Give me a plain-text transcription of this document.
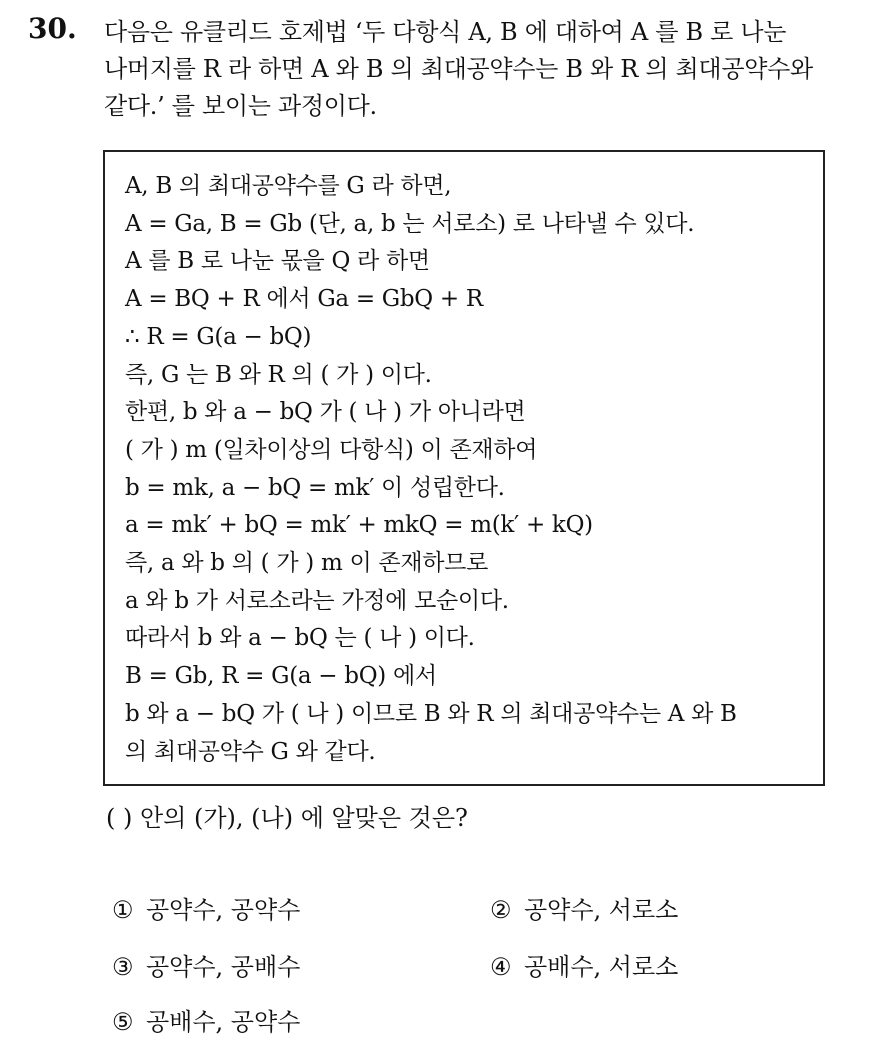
30. 다음은 유클리드 호제법 ‘두 다항식 A, B 에 대하여 A 를 B 로 나눈
나머지를 R 라 하면 A 와 B 의 최대공약수는 B 와 R 의 최대공약수와
같다.’ 를 보이는 과정이다.
A, B 의 최대공약수를 G 라 하면,
A = Ga, B = Gb (단, a, b 는 서로소) 로 나타낼 수 있다.
A 를 B 로 나눈 몫을 Q 라 하면
A = BQ + R 에서 Ga = GbQ + R
∴ R = G(a − bQ)
즉, G 는 B 와 R 의 ( 가 ) 이다.
한편, b 와 a − bQ 가 ( 나 ) 가 아니라면
( 가 ) m (일차이상의 다항식) 이 존재하여
b = mk, a − bQ = mk′ 이 성립한다.
a = mk′ + bQ = mk′ + mkQ = m(k′ + kQ)
즉, a 와 b 의 ( 가 ) m 이 존재하므로
a 와 b 가 서로소라는 가정에 모순이다.
따라서 b 와 a − bQ 는 ( 나 ) 이다.
B = Gb, R = G(a − bQ) 에서
b 와 a − bQ 가 ( 나 ) 이므로 B 와 R 의 최대공약수는 A 와 B
의 최대공약수 G 와 같다.
( ) 안의 (가), (나) 에 알맞은 것은?
① 공약수, 공약수	② 공약수, 서로소
③ 공약수, 공배수	④ 공배수, 서로소
⑤ 공배수, 공약수
